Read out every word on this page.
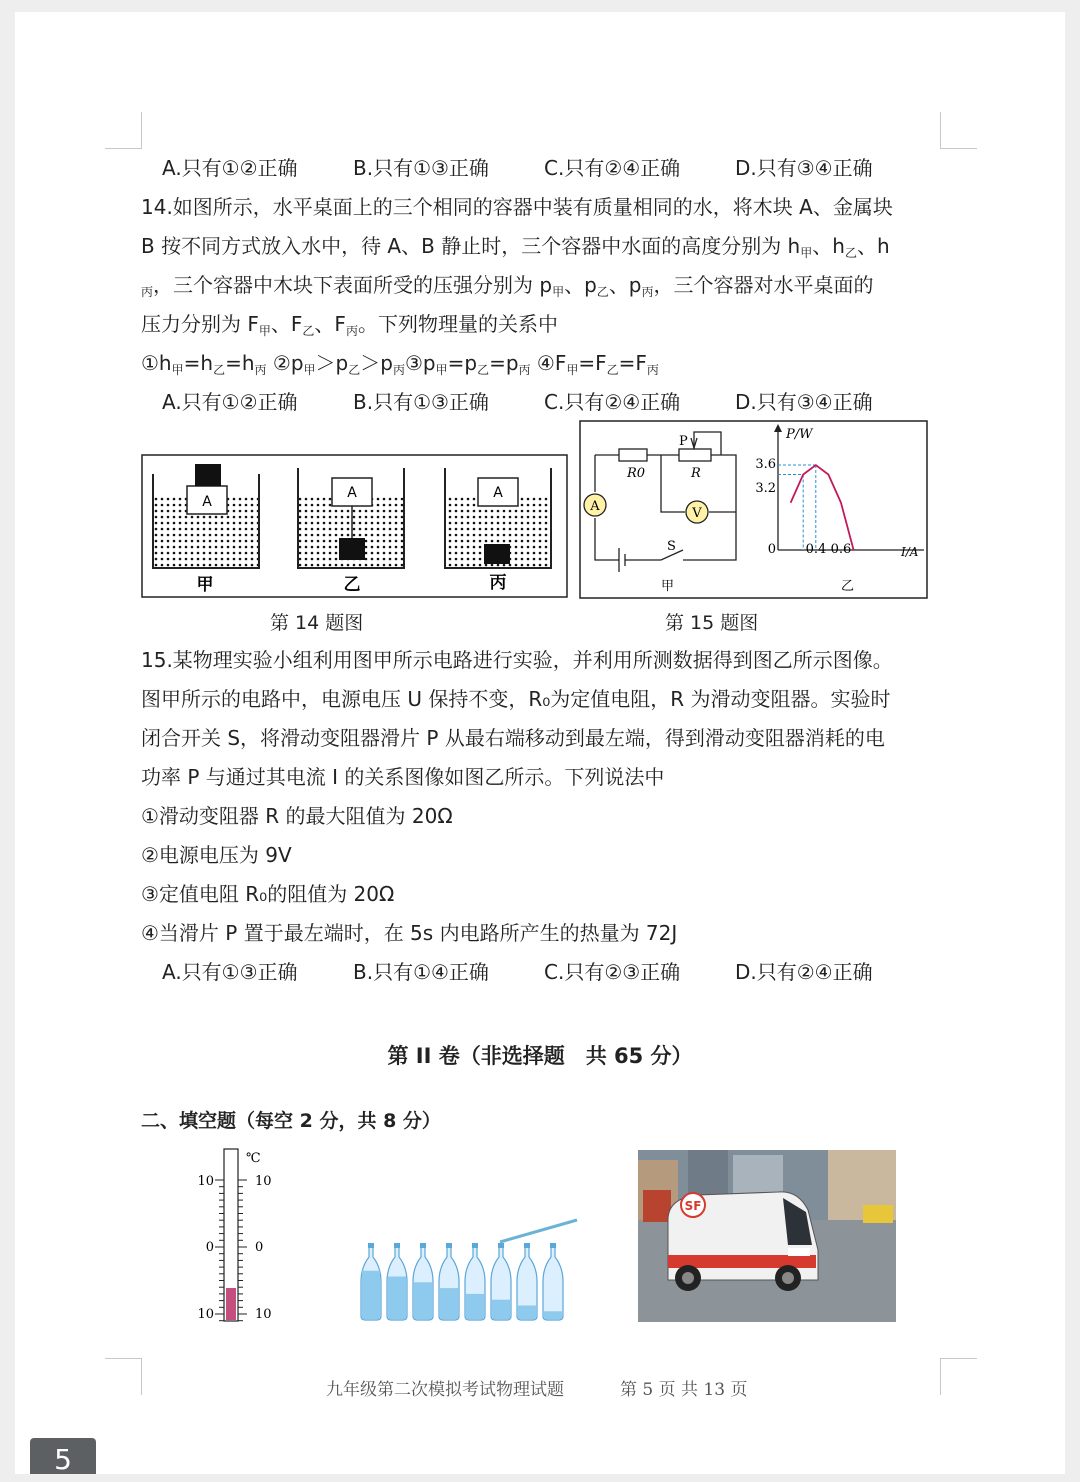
A.只有①②正确	B.只有①③正确	C.只有②④正确	D.只有③④正确
14.如图所示，水平桌面上的三个相同的容器中装有质量相同的水，将木块 A、金属块
B 按不同方式放入水中，待 A、B 静止时，三个容器中水面的高度分别为 $h_甲$、$h_乙$、h
$_丙$，三个容器中木块下表面所受的压强分别为 $p_甲$、$p_乙$、$p_丙$，三个容器对水平桌面的
压力分别为 $F_甲$、$F_乙$、$F_丙$。下列物理量的关系中
$①h_甲=h_乙=h_丙$ $②p_甲>p_乙>p_丙③p_甲=p_乙=p_丙$ $④F_甲=F_乙=F_丙$
A.只有①②正确	B.只有①③正确	C.只有②④正确	D.只有③④正确
A
甲
A
乙
A
丙
第 14 题图
A	V
R0	R
P
S
甲
P/W
I/A
0
3.6
3.2
0.4 0.6
乙
第 15 题图
15.某物理实验小组利用图甲所示电路进行实验，并利用所测数据得到图乙所示图像。
图甲所示的电路中，电源电压 U 保持不变，R₀为定值电阻，R 为滑动变阻器。实验时
闭合开关 S，将滑动变阻器滑片 P 从最右端移动到最左端，得到滑动变阻器消耗的电
功率 P 与通过其电流 I 的关系图像如图乙所示。下列说法中
①滑动变阻器 R 的最大阻值为 20Ω
②电源电压为 9V
③定值电阻 R₀的阻值为 20Ω
④当滑片 P 置于最左端时，在 5s 内电路所产生的热量为 72J
A.只有①③正确	B.只有①④正确	C.只有②③正确	D.只有②④正确
第 II 卷（非选择题　共 65 分）
二、填空题（每空 2 分，共 8 分）
℃
10
0
10
10
0
10
SF
九年级第二次模拟考试物理试题	第 5 页 共 13 页
5
